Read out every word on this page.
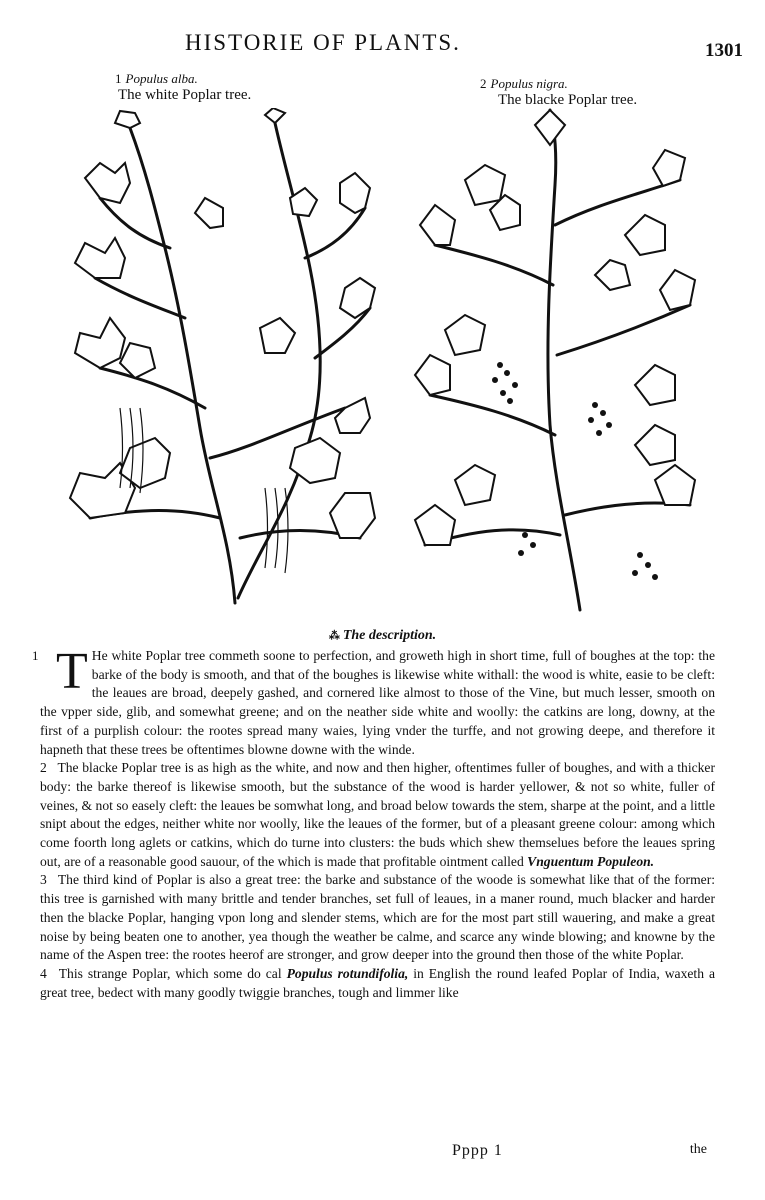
HISTORIE OF PLANTS.	1301
1 Populus alba.
The white Poplar tree.
2 Populus nigra.
The blacke Poplar tree.
⁂ The description.

1 T He white Poplar tree commeth soone to perfection, and groweth high in short time, full of boughes at the top: the barke of the body is smooth, and that of the boughes is likewise white withall: the wood is white, easie to be cleft: the leaues are broad, deepely gashed, and cornered like almost to those of the Vine, but much lesser, smooth on the vpper side, glib, and somewhat greene; and on the neather side white and woolly: the catkins are long, downy, at the first of a purplish colour: the rootes spread many waies, lying vnder the turffe, and not growing deepe, and therefore it hapneth that these trees be oftentimes blowne downe with the winde.

2 The blacke Poplar tree is as high as the white, and now and then higher, oftentimes fuller of boughes, and with a thicker body: the barke thereof is likewise smooth, but the substance of the wood is harder yellower, & not so white, fuller of veines, & not so easely cleft: the leaues be somwhat long, and broad below towards the stem, sharpe at the point, and a little snipt about the edges, neither white nor woolly, like the leaues of the former, but of a pleasant greene colour: among which come foorth long aglets or catkins, which do turne into clusters: the buds which shew themselues before the leaues spring out, are of a reasonable good sauour, of the which is made that profitable ointment called Vnguentum Populeon.

3 The third kind of Poplar is also a great tree: the barke and substance of the woode is somewhat like that of the former: this tree is garnished with many brittle and tender branches, set full of leaues, in a maner round, much blacker and harder then the blacke Poplar, hanging vpon long and slender stems, which are for the most part still wauering, and make a great noise by being beaten one to another, yea though the weather be calme, and scarce any winde blowing; and knowne by the name of the Aspen tree: the rootes heerof are stronger, and grow deeper into the ground then those of the white Poplar.

4 This strange Poplar, which some do cal Populus rotundifolia, in English the round leafed Poplar of India, waxeth a great tree, bedect with many goodly twiggie branches, tough and limmer like

Pppp 1	the
